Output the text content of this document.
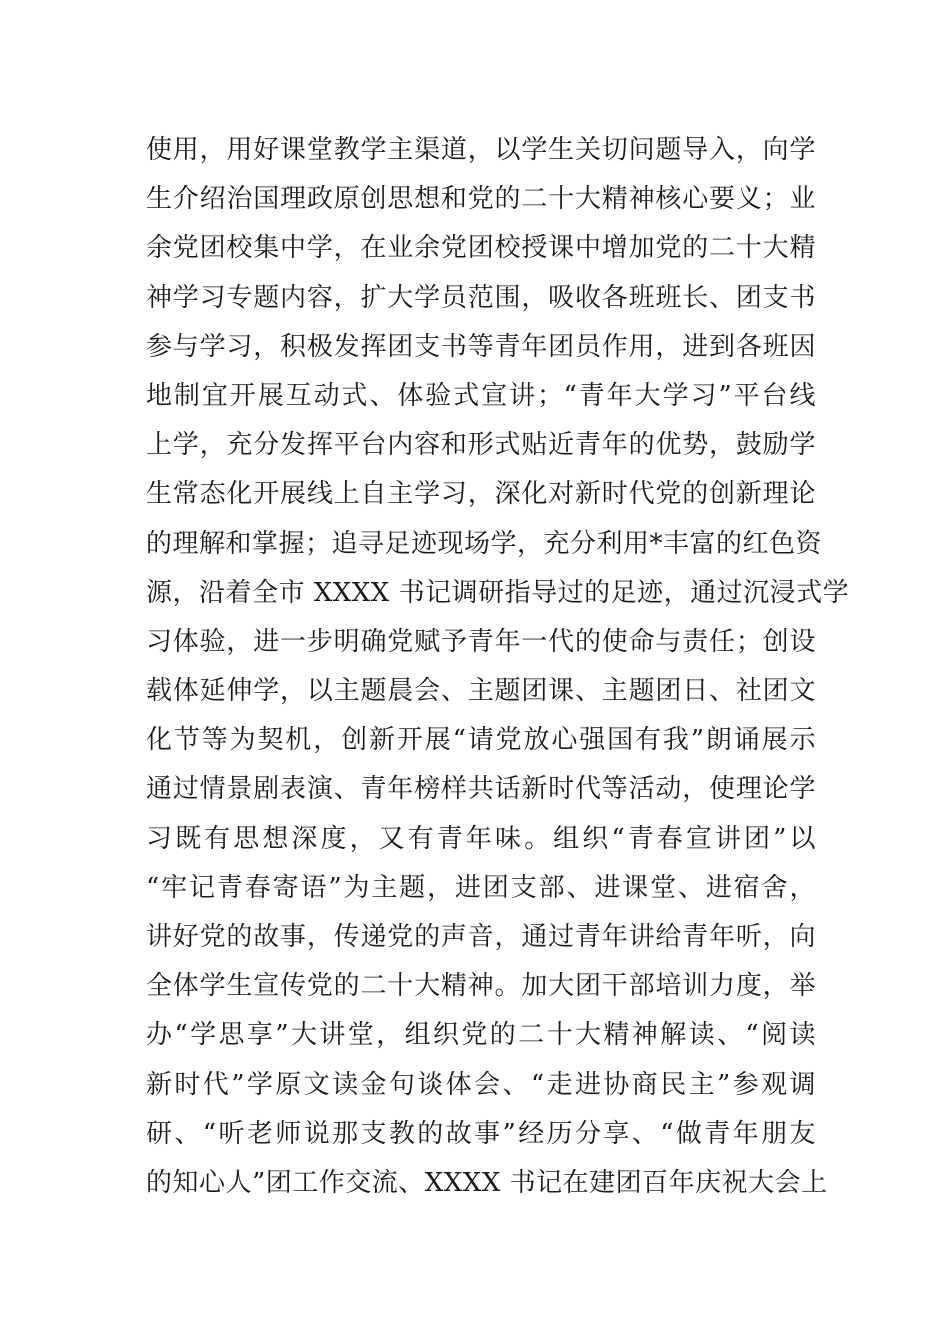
使用，用好课堂教学主渠道，以学生关切问题导入，向学
生介绍治国理政原创思想和党的二十大精神核心要义；业
余党团校集中学，在业余党团校授课中增加党的二十大精
神学习专题内容，扩大学员范围，吸收各班班长、团支书
参与学习，积极发挥团支书等青年团员作用，进到各班因
地制宜开展互动式、体验式宣讲；“青年大学习”平台线
上学，充分发挥平台内容和形式贴近青年的优势，鼓励学
生常态化开展线上自主学习，深化对新时代党的创新理论
的理解和掌握；追寻足迹现场学，充分利用*丰富的红色资
源，沿着全市 XXXX 书记调研指导过的足迹，通过沉浸式学
习体验，进一步明确党赋予青年一代的使命与责任；创设
载体延伸学，以主题晨会、主题团课、主题团日、社团文
化节等为契机，创新开展“请党放心强国有我”朗诵展示
通过情景剧表演、青年榜样共话新时代等活动，使理论学
习既有思想深度，又有青年味。组织“青春宣讲团”以
“牢记青春寄语”为主题，进团支部、进课堂、进宿舍，
讲好党的故事，传递党的声音，通过青年讲给青年听，向
全体学生宣传党的二十大精神。加大团干部培训力度，举
办“学思享”大讲堂，组织党的二十大精神解读、“阅读
新时代”学原文读金句谈体会、“走进协商民主”参观调
研、“听老师说那支教的故事”经历分享、“做青年朋友
的知心人”团工作交流、XXXX 书记在建团百年庆祝大会上
